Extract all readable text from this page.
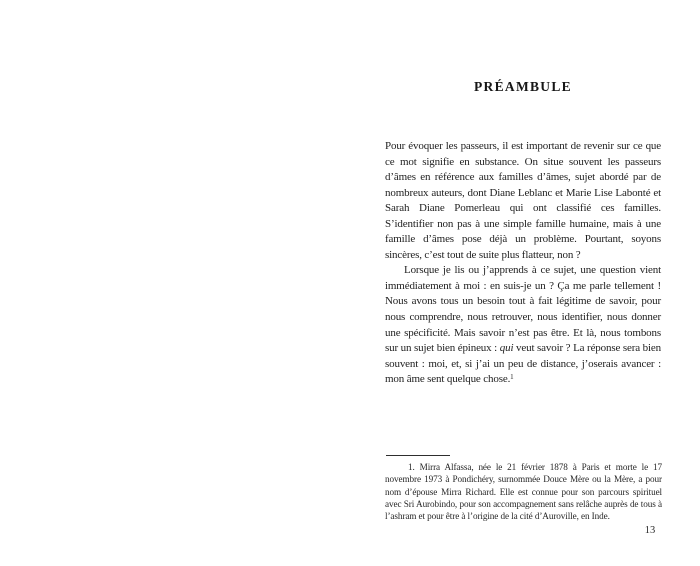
PRÉAMBULE

Pour évoquer les passeurs, il est important de revenir sur ce que ce mot signifie en substance. On situe souvent les passeurs d’âmes en référence aux familles d’âmes, sujet abordé par de nombreux auteurs, dont Diane Leblanc et Marie Lise Labonté et Sarah Diane Pomerleau qui ont classifié ces familles. S’identifier non pas à une simple famille humaine, mais à une famille d’âmes pose déjà un problème. Pourtant, soyons sincères, c’est tout de suite plus flatteur, non ?

Lorsque je lis ou j’apprends à ce sujet, une question vient immédiatement à moi : en suis-je un ? Ça me parle tellement ! Nous avons tous un besoin tout à fait légitime de savoir, pour nous comprendre, nous retrouver, nous identifier, nous donner une spécificité. Mais savoir n’est pas être. Et là, nous tombons sur un sujet bien épineux : qui veut savoir ? La réponse sera bien souvent : moi, et, si j’ai un peu de distance, j’oserais avancer : mon âme sent quelque chose.$^1$

1. Mirra Alfassa, née le 21 février 1878 à Paris et morte le 17 novembre 1973 à Pondichéry, surnommée Douce Mère ou la Mère, a pour nom d’épouse Mirra Richard. Elle est connue pour son parcours spirituel avec Sri Aurobindo, pour son accompagnement sans relâche auprès de tous à l’ashram et pour être à l’origine de la cité d’Auroville, en Inde.

13
